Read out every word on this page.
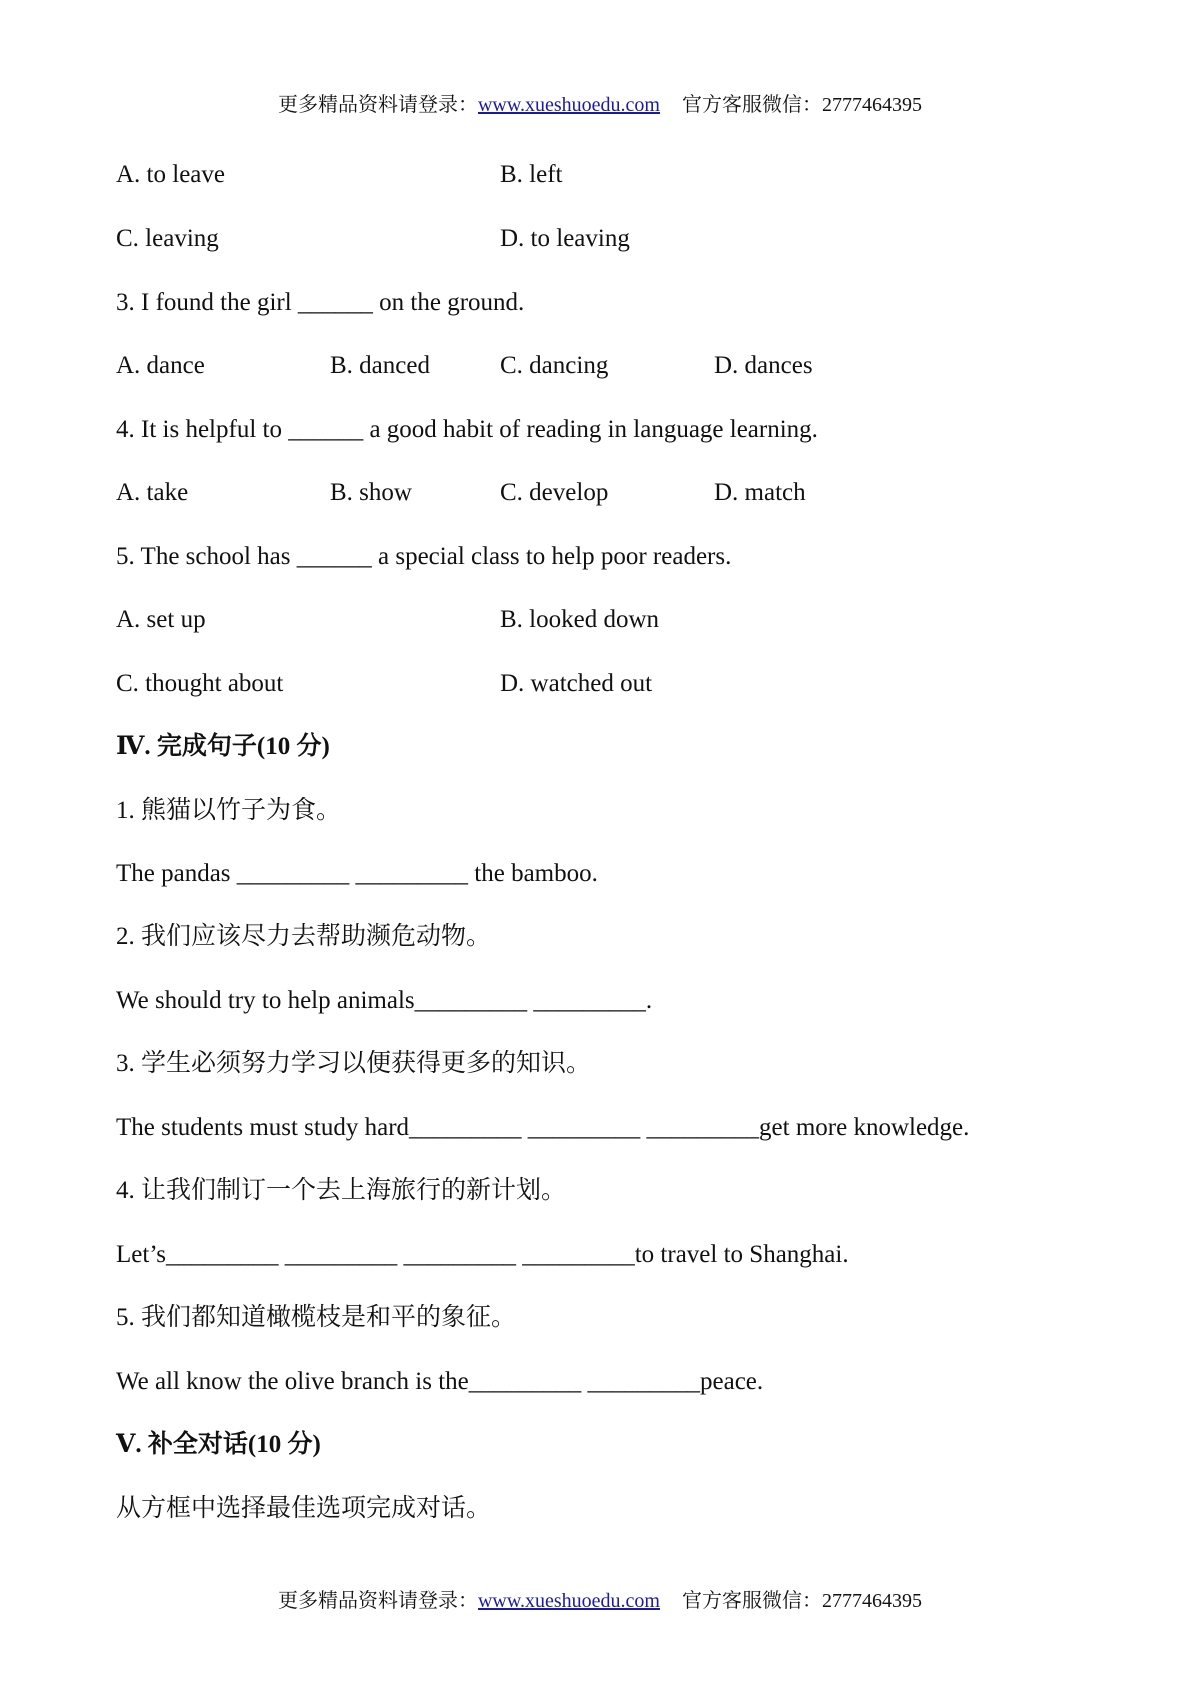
更多精品资料请登录：www.xueshuoedu.com 官方客服微信：2777464395
A. to leave	B. left
C. leaving	D. to leaving
3. I found the girl ______ on the ground.
A. dance	B. danced	C. dancing	D. dances
4. It is helpful to ______ a good habit of reading in language learning.
A. take	B. show	C. develop	D. match
5. The school has ______ a special class to help poor readers.
A. set up	B. looked down
C. thought about	D. watched out
Ⅳ. 完成句子(10 分)
1. 熊猫以竹子为食。
The pandas _________ _________ the bamboo.
2. 我们应该尽力去帮助濒危动物。
We should try to help animals_________ _________.
3. 学生必须努力学习以便获得更多的知识。
The students must study hard_________ _________ _________get more knowledge.
4. 让我们制订一个去上海旅行的新计划。
Let’s_________ _________ _________ _________to travel to Shanghai.
5. 我们都知道橄榄枝是和平的象征。
We all know the olive branch is the_________ _________peace.
Ⅴ. 补全对话(10 分)
从方框中选择最佳选项完成对话。
更多精品资料请登录：www.xueshuoedu.com 官方客服微信：2777464395
